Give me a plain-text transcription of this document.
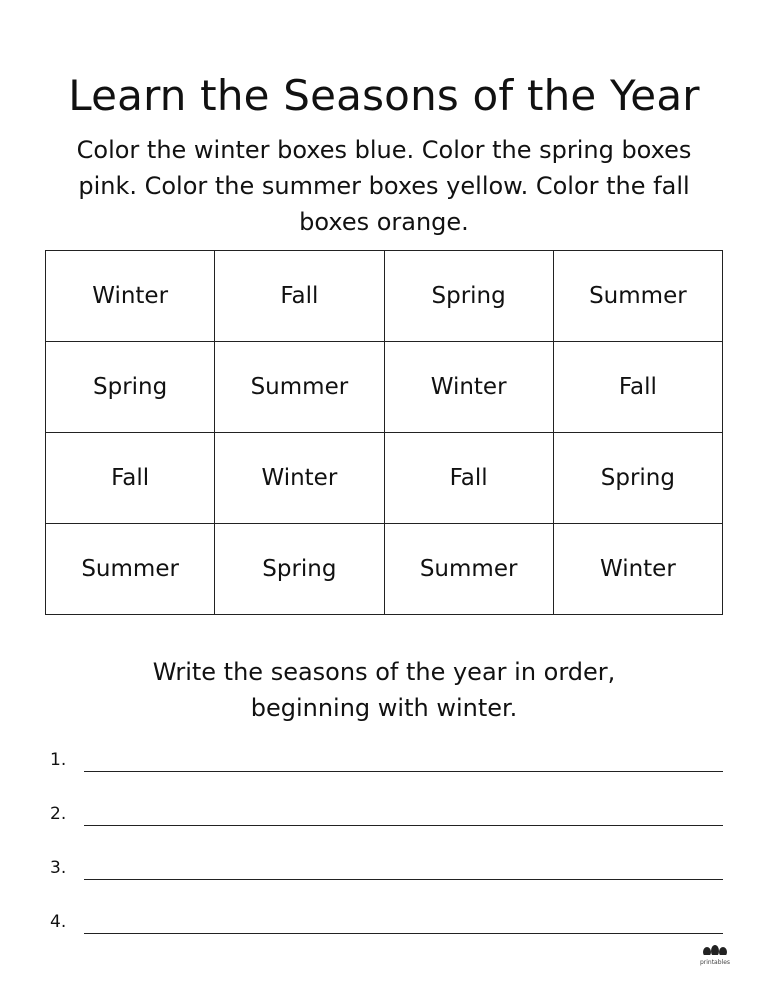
Learn the Seasons of the Year
Color the winter boxes blue. Color the spring boxes pink. Color the summer boxes yellow. Color the fall boxes orange.
Winter	Fall	Spring	Summer
Spring	Summer	Winter	Fall
Fall	Winter	Fall	Spring
Summer	Spring	Summer	Winter
Write the seasons of the year in order,
beginning with winter.
1.
2.
3.
4.
printables
